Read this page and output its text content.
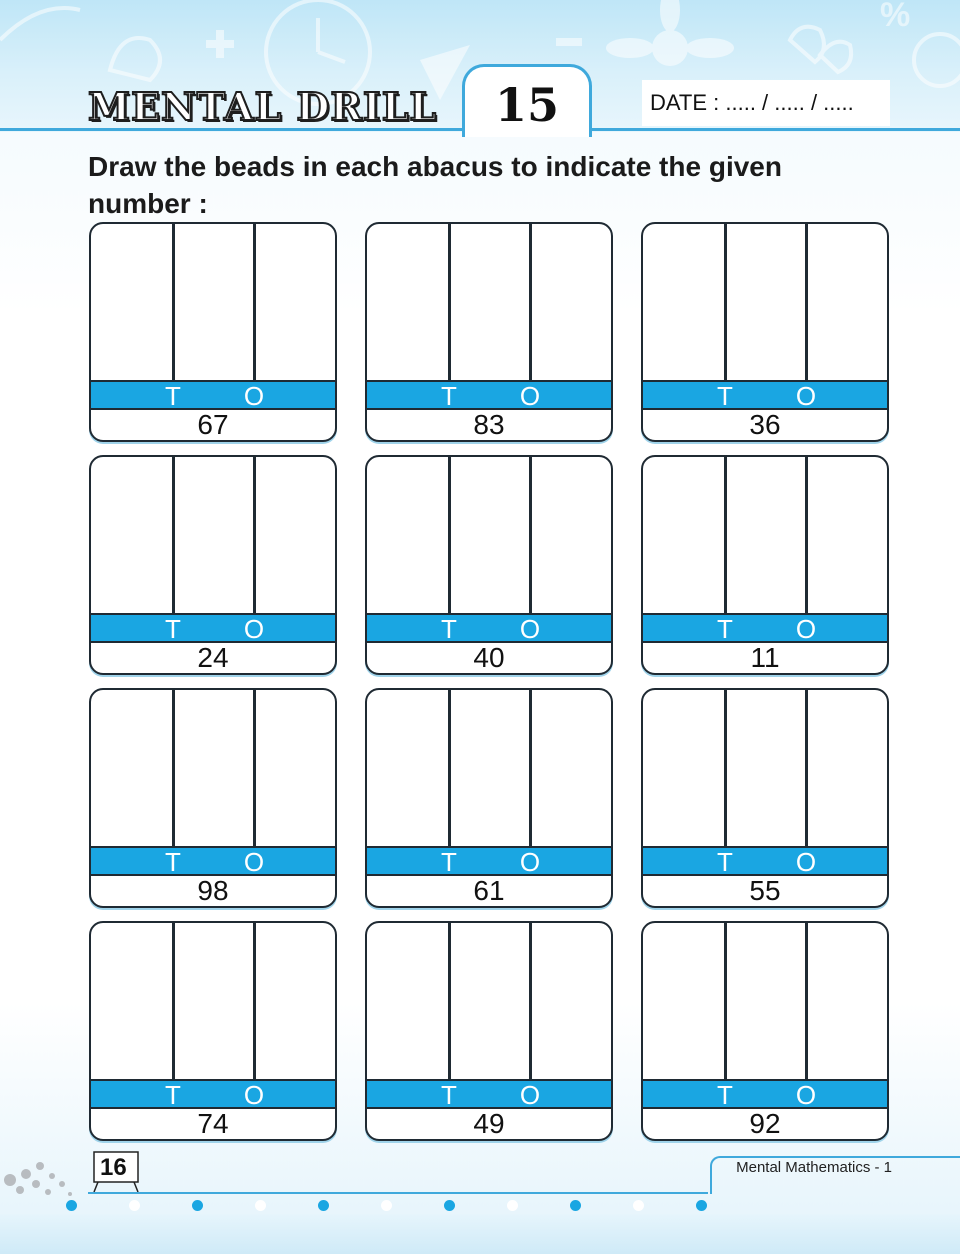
%
MENTAL DRILL	15	DATE : ..... / ..... / .....
Draw the beads in each abacus to indicate the given number :
T	O
67
T	O
83
T	O
36
T	O
24
T	O
40
T	O
11
T	O
98
T	O
61
T	O
55
T	O
74
T	O
49
T	O
92
16	Mental Mathematics - 1
